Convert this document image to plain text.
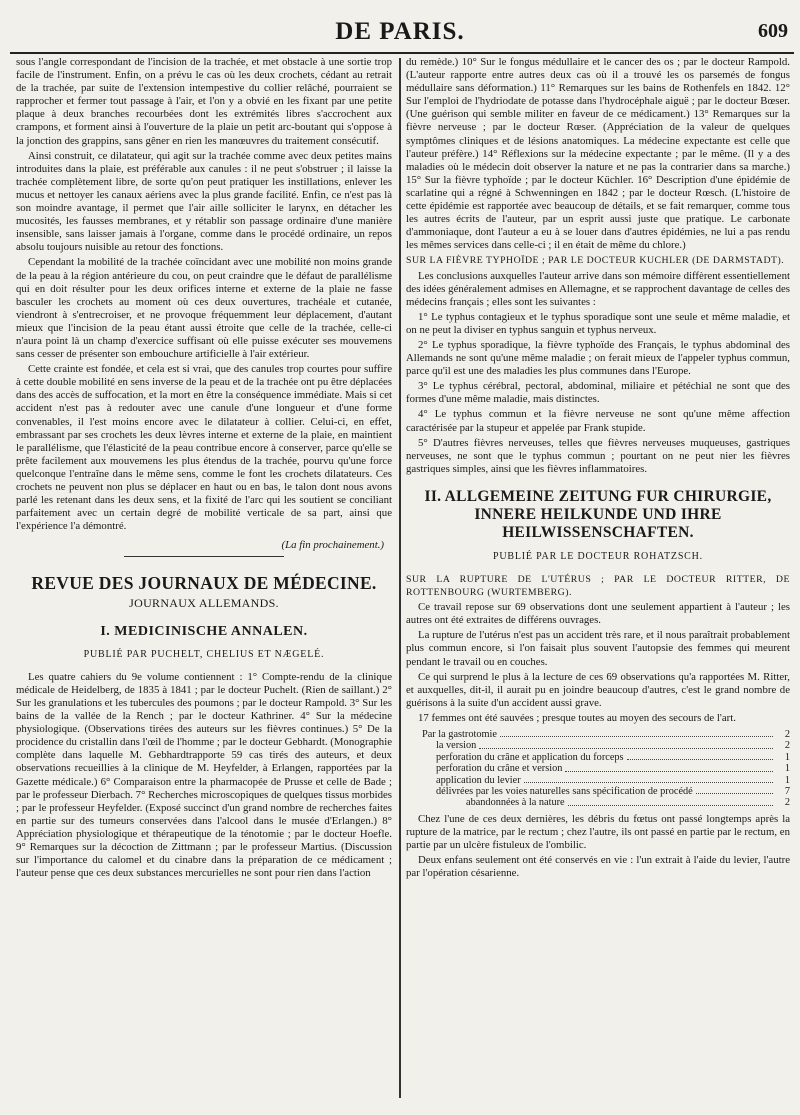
DE PARIS.	609

sous l'angle correspondant de l'incision de la trachée, et met obstacle à une sortie trop facile de l'instrument. Enfin, on a prévu le cas où les deux crochets, cédant au retrait de la trachée, par suite de l'extension intempestive du collier relâché, pourraient se rapprocher et fermer tout passage à l'air, et l'on y a obvié en les fixant par une petite plaque à deux branches recourbées dont les extrémités libres s'accrochent aux crampons, et forment ainsi à l'ouverture de la plaie un petit arc-boutant qui s'oppose à la jonction des grappins, sans gêner en rien les manœuvres du traitement consécutif.

Ainsi construit, ce dilatateur, qui agit sur la trachée comme avec deux petites mains introduites dans la plaie, est préférable aux canules : il ne peut s'obstruer ; il laisse la trachée complètement libre, de sorte qu'on peut pratiquer les instillations, enlever les mucus et nettoyer les canaux aériens avec la plus grande facilité. Enfin, ce n'est pas là son moindre avantage, il permet que l'air aille solliciter le larynx, en détacher les mucosités, les fausses membranes, et y rétablir son passage ordinaire d'une manière insensible, sans laisser jamais à l'organe, comme dans le procédé ordinaire, un repos absolu toujours nuisible au retour des fonctions.

Cependant la mobilité de la trachée coïncidant avec une mobilité non moins grande de la peau à la région antérieure du cou, on peut craindre que le défaut de parallélisme qui en doit résulter pour les deux orifices interne et externe de la plaie ne fasse basculer les crochets au moment où ces deux ouvertures, trachéale et cutanée, viendront à s'entrecroiser, et ne provoque fréquemment leur déplacement, d'autant mieux que l'incision de la peau étant aussi étroite que celle de la trachée, celle-ci n'aura point là un champ d'exercice suffisant où elle puisse exécuter ses mouvemens sans cesser de présenter son embouchure artificielle à l'air extérieur.

Cette crainte est fondée, et cela est si vrai, que des canules trop courtes pour suffire à cette double mobilité en sens inverse de la peau et de la trachée ont pu être déplacées dans des accès de suffocation, et la mort en être la conséquence immédiate. Mais si cet accident n'est pas à redouter avec une canule d'une longueur et d'une forme convenables, il l'est moins encore avec le dilatateur à collier. Celui-ci, en effet, embrassant par ses crochets les deux lèvres interne et externe de la plaie, en maintient le parallélisme, que l'élasticité de la peau contribue encore à conserver, parce qu'elle se prête facilement aux mouvemens les plus étendus de la trachée, pourvu qu'une force quelconque l'entraîne dans le même sens, comme le font les crochets dilatateurs. Ces crochets ne peuvent non plus se déplacer en haut ou en bas, le talon dont nous avons parlé les retenant dans les deux sens, et la fixité de l'arc qui les soutient se conciliant parfaitement avec un certain degré de mobilité verticale de sa part, ainsi que l'expérience l'a démontré.

(La fin prochainement.)
REVUE DES JOURNAUX DE MÉDECINE.
JOURNAUX ALLEMANDS.
I. MEDICINISCHE ANNALEN.
PUBLIÉ PAR PUCHELT, CHELIUS ET NÆGELÉ.

Les quatre cahiers du 9e volume contiennent : 1° Compte-rendu de la clinique médicale de Heidelberg, de 1835 à 1841 ; par le docteur Puchelt. (Rien de saillant.) 2° Sur les granulations et les tubercules des poumons ; par le docteur Rampold. 3° Sur les bains de la vallée de la Rench ; par le docteur Kathriner. 4° Sur la médecine physiologique. (Observations tirées des auteurs sur les fièvres continues.) 5° De la procidence du cristallin dans l'œil de l'homme ; par le docteur Gebhardt. (Monographie complète dans laquelle M. Gebhardtrapporte 59 cas tirés des auteurs, et deux observations recueillies à la clinique de M. Heyfelder, à Erlangen, rapportées par la Gazette médicale.) 6° Comparaison entre la pharmacopée de Prusse et celle de Bade ; par le professeur Dierbach. 7° Recherches microscopiques de quelques tissus morbides ; par le professeur Heyfelder. (Exposé succinct d'un grand nombre de recherches faites en partie sur des tumeurs conservées dans l'alcool dans le musée d'Erlangen.) 8° Appréciation physiologique et thérapeutique de la ténotomie ; par le docteur Hoefle. 9° Remarques sur la décoction de Zittmann ; par le professeur Martius. (Discussion sur l'importance du calomel et du cinabre dans la préparation de ce médicament ; l'auteur pense que ces deux substances mercurielles ne sont pour rien dans l'action

du remède.) 10° Sur le fongus médullaire et le cancer des os ; par le docteur Rampold. (L'auteur rapporte entre autres deux cas où il a trouvé les os parsemés de fongus médullaire sans déformation.) 11° Remarques sur les bains de Rothenfels en 1842. 12° Sur l'emploi de l'hydriodate de potasse dans l'hydrocéphale aiguë ; par le docteur Bœser. (Une guérison qui semble militer en faveur de ce médicament.) 13° Remarques sur la fièvre nerveuse ; par le docteur Rœser. (Appréciation de la valeur de quelques symptômes cliniques et de lésions anatomiques. La médecine expectante est celle que l'auteur préfère.) 14° Réflexions sur la médecine expectante ; par le même. (Il y a des maladies où le médecin doit observer la nature et ne pas la contrarier dans sa marche.) 15° Sur la fièvre typhoïde ; par le docteur Küchler. 16° Description d'une épidémie de scarlatine qui a régné à Schwenningen en 1842 ; par le docteur Rœsch. (L'histoire de cette épidémie est rapportée avec beaucoup de détails, et se fait remarquer, comme tous les autres écrits de l'auteur, par un esprit aussi juste que pratique. Le carbonate d'ammoniaque, dont l'auteur a eu à se louer dans d'autres épidémies, ne lui a pas rendu les mêmes services dans celle-ci ; il en était de même du chlore.)

SUR LA FIÈVRE TYPHOÏDE ; PAR LE DOCTEUR KUCHLER (DE DARMSTADT).

Les conclusions auxquelles l'auteur arrive dans son mémoire diffèrent essentiellement des idées généralement admises en Allemagne, et se rapprochent davantage de celles des médecins français ; elles sont les suivantes :

1° Le typhus contagieux et le typhus sporadique sont une seule et même maladie, et on ne peut la diviser en typhus sanguin et typhus nerveux.

2° Le typhus sporadique, la fièvre typhoïde des Français, le typhus abdominal des Allemands ne sont qu'une même maladie ; on ferait mieux de l'appeler typhus commun, parce qu'il est une des maladies les plus communes dans l'Europe.

3° Le typhus cérébral, pectoral, abdominal, miliaire et pétéchial ne sont que des formes d'une même maladie, mais distinctes.

4° Le typhus commun et la fièvre nerveuse ne sont qu'une même affection caractérisée par la stupeur et appelée par Frank stupide.

5° D'autres fièvres nerveuses, telles que fièvres nerveuses muqueuses, gastriques nerveuses, ne sont que le typhus commun ; pourtant on ne peut nier les fièvres gastriques simples, ainsi que les fièvres inflammatoires.

II. ALLGEMEINE ZEITUNG FUR CHIRURGIE, INNERE HEILKUNDE UND IHRE HEILWISSENSCHAFTEN.
PUBLIÉ PAR LE DOCTEUR ROHATZSCH.

SUR LA RUPTURE DE L'UTÉRUS ; PAR LE DOCTEUR RITTER, DE ROTTENBOURG (WURTEMBERG).

Ce travail repose sur 69 observations dont une seulement appartient à l'auteur ; les autres ont été extraites de différens ouvrages.

La rupture de l'utérus n'est pas un accident très rare, et il nous paraîtrait probablement plus commun encore, si l'on faisait plus souvent l'autopsie des femmes qui meurent pendant le travail ou en couches.

Ce qui surprend le plus à la lecture de ces 69 observations qu'a rapportées M. Ritter, et auxquelles, dit-il, il aurait pu en joindre beaucoup d'autres, c'est le grand nombre de guérisons à la suite d'un accident aussi grave.

17 femmes ont été sauvées ; presque toutes au moyen des secours de l'art.

Par la gastrotomie	2
la version	2
perforation du crâne et application du forceps	1
perforation du crâne et version	1
application du levier	1
délivrées par les voies naturelles sans spécification de procédé	7
abandonnées à la nature	2

Chez l'une de ces deux dernières, les débris du fœtus ont passé longtemps après la rupture de la matrice, par le rectum ; chez l'autre, ils ont passé en partie par le rectum, en partie par un ulcère fistuleux de l'ombilic.

Deux enfans seulement ont été conservés en vie : l'un extrait à l'aide du levier, l'autre par l'opération césarienne.
